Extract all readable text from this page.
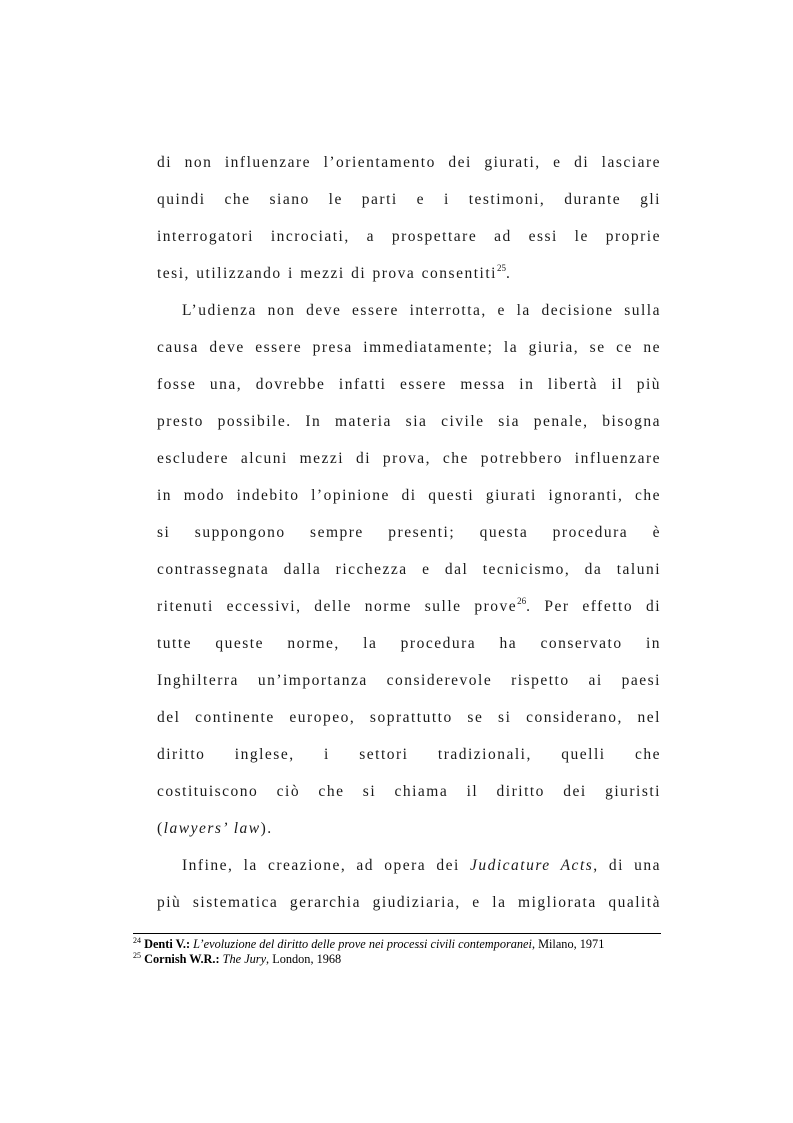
di non influenzare l’orientamento dei giurati, e di lasciare
quindi che siano le parti e i testimoni, durante gli
interrogatori incrociati, a prospettare ad essi le proprie
tesi, utilizzando i mezzi di prova consentiti$^{25}$.
L’udienza non deve essere interrotta, e la decisione sulla
causa deve essere presa immediatamente; la giuria, se ce ne
fosse una, dovrebbe infatti essere messa in libertà il più
presto possibile. In materia sia civile sia penale, bisogna
escludere alcuni mezzi di prova, che potrebbero influenzare
in modo indebito l’opinione di questi giurati ignoranti, che
si suppongono sempre presenti; questa procedura è
contrassegnata dalla ricchezza e dal tecnicismo, da taluni
ritenuti eccessivi, delle norme sulle prove$^{26}$. Per effetto di
tutte queste norme, la procedura ha conservato in
Inghilterra un’importanza considerevole rispetto ai paesi
del continente europeo, soprattutto se si considerano, nel
diritto inglese, i settori tradizionali, quelli che
costituiscono ciò che si chiama il diritto dei giuristi
(lawyers’ law).
Infine, la creazione, ad opera dei Judicature Acts, di una
più sistematica gerarchia giudiziaria, e la migliorata qualità
$^{24}$ Denti V.: L’evoluzione del diritto delle prove nei processi civili contemporanei, Milano, 1971
$^{25}$ Cornish W.R.: The Jury, London, 1968
